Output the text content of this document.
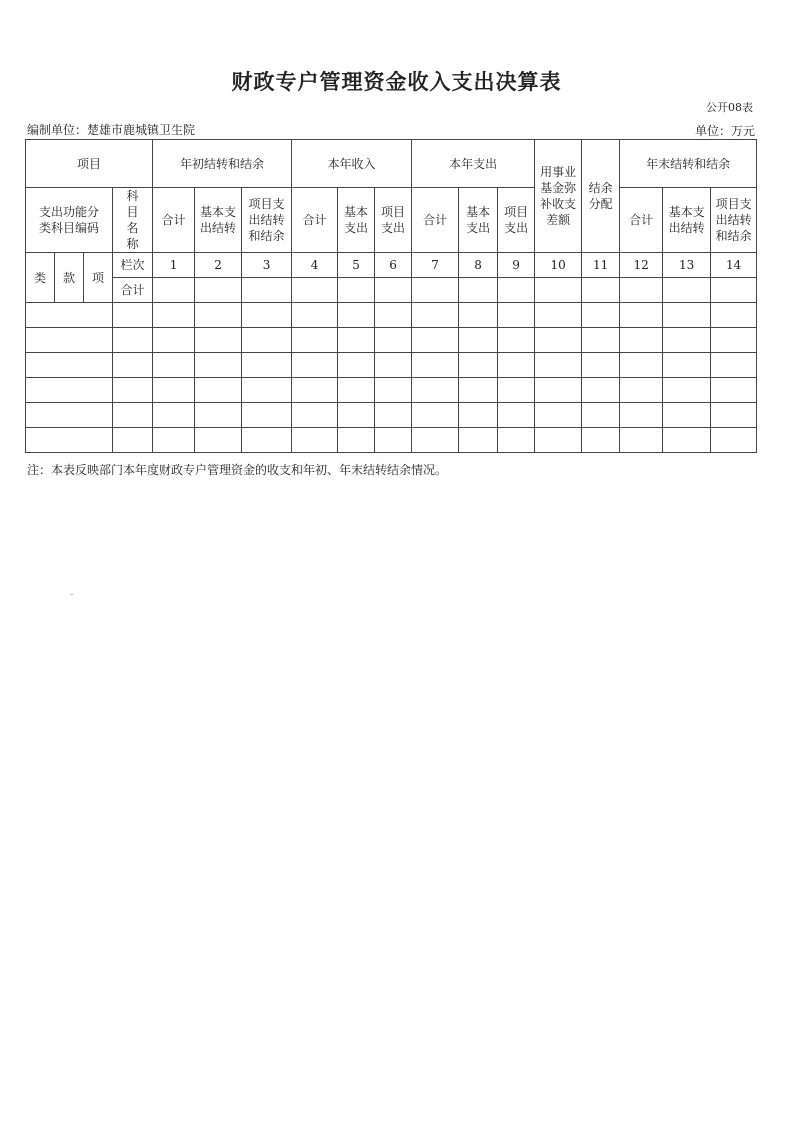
财政专户管理资金收入支出决算表
公开08表
编制单位：楚雄市鹿城镇卫生院	单位：万元
项目				年初结转和结余			本年收入			本年支出			用事业基金弥补收支差额	结余分配	年末结转和结余		
支出功能分类科目编码			科目名称	合计	基本支出结转	项目支出结转和结余	合计	基本支出	项目支出	合计	基本支出	项目支出			合计	基本支出结转	项目支出结转和结余
类	款	项	栏次	1	2	3	4	5	6	7	8	9	10	11	12	13	14
			合计														

注：本表反映部门本年度财政专户管理资金的收支和年初、年末结转结余情况。
